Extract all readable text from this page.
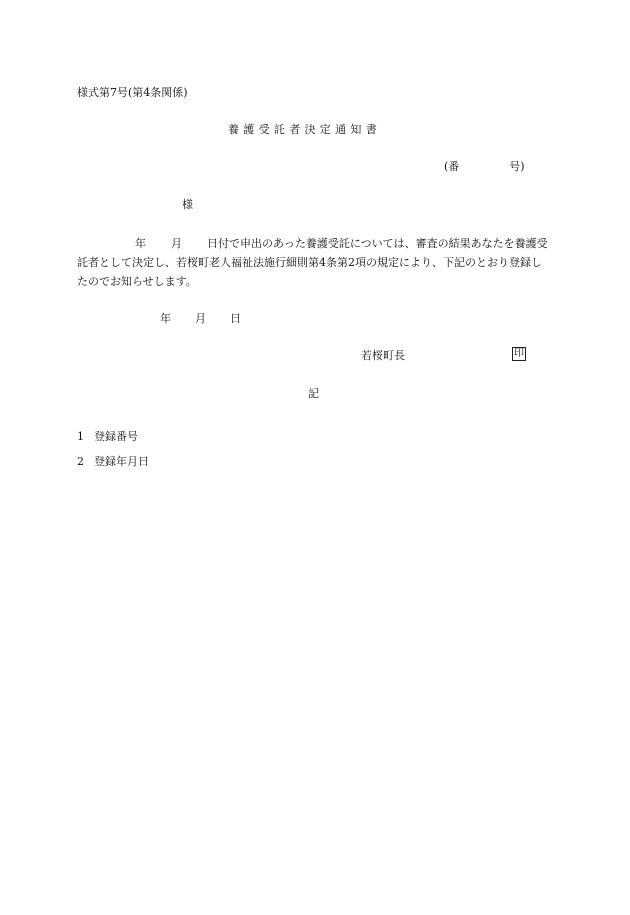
様式第7号(第4条関係)
養護受託者決定通知書
(番	号)
様
年 月 日付で申出のあった養護受託については、審査の結果あなたを養護受託者として決定し、若桜町老人福祉法施行細則第4条第2項の規定により、下記のとおり登録したのでお知らせします。
年 月 日
若桜町長	印
記
1 登録番号
2 登録年月日
